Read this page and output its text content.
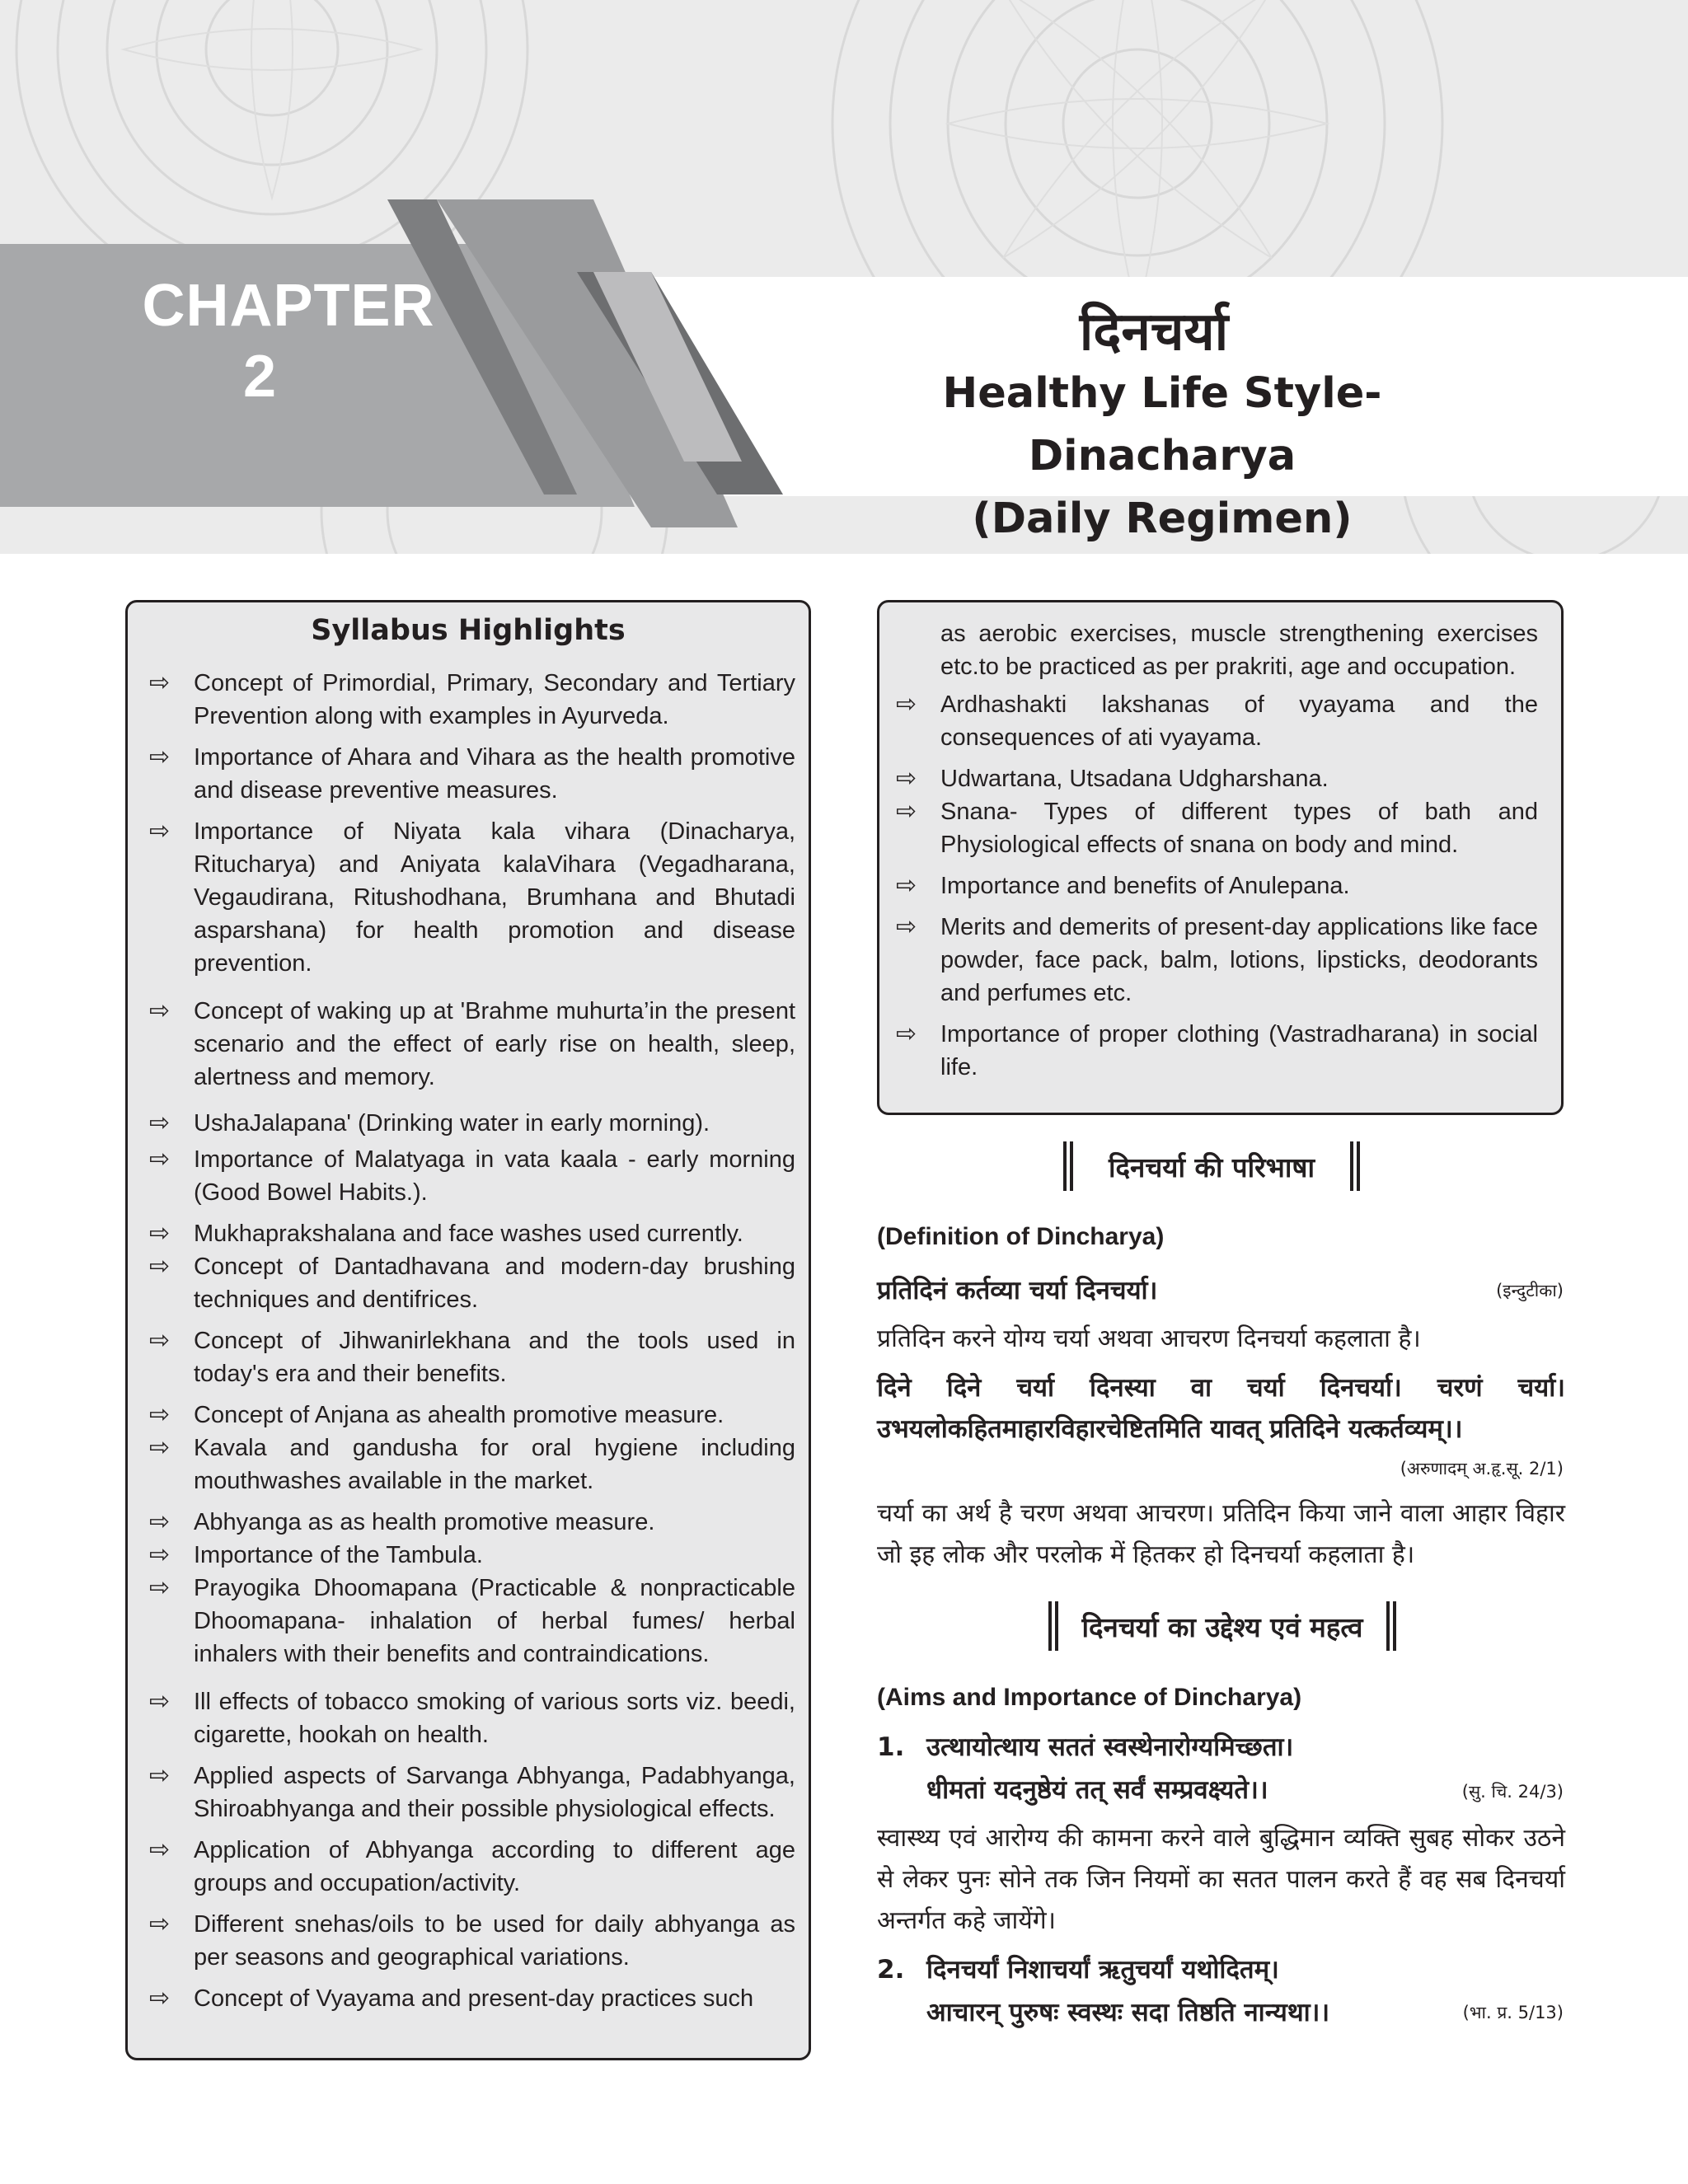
CHAPTER
2
दिनचर्या
Healthy Life Style-Dinacharya
(Daily Regimen)
Syllabus Highlights
⇨ Concept of Primordial, Primary, Secondary and Tertiary Prevention along with examples in Ayurveda.

⇨ Importance of Ahara and Vihara as the health promotive and disease preventive measures.

⇨ Importance of Niyata kala vihara (Dinacharya, Ritucharya) and Aniyata kalaVihara (Vegadharana, Vegaudirana, Ritushodhana, Brumhana and Bhutadi asparshana) for health promotion and disease prevention.

⇨ Concept of waking up at 'Brahme muhurta’in the present scenario and the effect of early rise on health, sleep, alertness and memory.

⇨ UshaJalapana' (Drinking water in early morning).

⇨ Importance of Malatyaga in vata kaala - early morning (Good Bowel Habits.).

⇨ Mukhaprakshalana and face washes used currently.

⇨ Concept of Dantadhavana and modern-day brushing techniques and dentifrices.

⇨ Concept of Jihwanirlekhana and the tools used in today's era and their benefits.

⇨ Concept of Anjana as ahealth promotive measure.

⇨ Kavala and gandusha for oral hygiene including mouthwashes available in the market.

⇨ Abhyanga as as health promotive measure.

⇨ Importance of the Tambula.

⇨ Prayogika Dhoomapana (Practicable & nonpracticable Dhoomapana- inhalation of herbal fumes/ herbal inhalers with their benefits and contraindications.

⇨ Ill effects of tobacco smoking of various sorts viz. beedi, cigarette, hookah on health.

⇨ Applied aspects of Sarvanga Abhyanga, Padabhyanga, Shiroabhyanga and their possible physiological effects.

⇨ Application of Abhyanga according to different age groups and occupation/activity.

⇨ Different snehas/oils to be used for daily abhyanga as per seasons and geographical variations.

⇨ Concept of Vyayama and present-day practices such

as aerobic exercises, muscle strengthening exercises etc.to be practiced as per prakriti, age and occupation.

⇨ Ardhashakti lakshanas of vyayama and the consequences of ati vyayama.

⇨ Udwartana, Utsadana Udgharshana.

⇨ Snana- Types of different types of bath and Physiological effects of snana on body and mind.

⇨ Importance and benefits of Anulepana.

⇨ Merits and demerits of present-day applications like face powder, face pack, balm, lotions, lipsticks, deodorants and perfumes etc.

⇨ Importance of proper clothing (Vastradharana) in social life.

दिनचर्या की परिभाषा
(Definition of Dincharya)
प्रतिदिनं कर्तव्या चर्या दिनचर्या।	(इन्दुटीका)
प्रतिदिन करने योग्य चर्या अथवा आचरण दिनचर्या कहलाता है।
दिने दिने चर्या दिनस्या वा चर्या दिनचर्या। चरणं चर्या।
उभयलोकहितमाहारविहारचेष्टितमिति यावत् प्रतिदिने यत्कर्तव्यम्।।
(अरुणादम् अ.हृ.सू. 2/1)
चर्या का अर्थ है चरण अथवा आचरण। प्रतिदिन किया जाने वाला आहार विहार जो इह लोक और परलोक में हितकर हो दिनचर्या कहलाता है।
दिनचर्या का उद्देश्य एवं महत्व
(Aims and Importance of Dincharya)
1. उत्थायोत्थाय सततं स्वस्थेनारोग्यमिच्छता।
धीमतां यदनुष्ठेयं तत् सर्वं सम्प्रवक्ष्यते।।	(सु. चि. 24/3)
स्वास्थ्य एवं आरोग्य की कामना करने वाले बुद्धिमान व्यक्ति सुबह सोकर उठने से लेकर पुनः सोने तक जिन नियमों का सतत पालन करते हैं वह सब दिनचर्या अन्तर्गत कहे जायेंगे।
2. दिनचर्यां निशाचर्यां ऋतुचर्यां यथोदितम्।
आचारन् पुरुषः स्वस्थः सदा तिष्ठति नान्यथा।।	(भा. प्र. 5/13)
